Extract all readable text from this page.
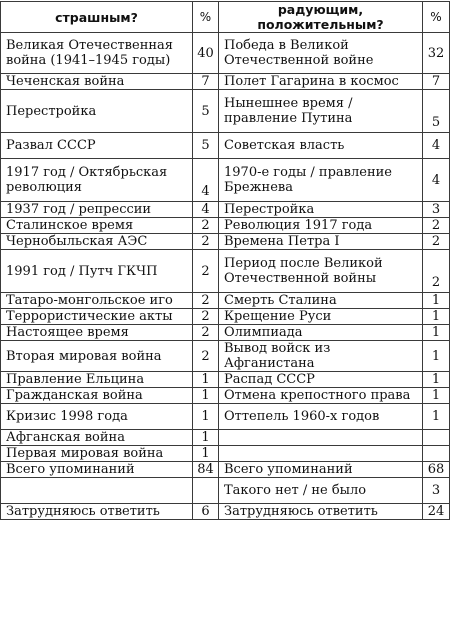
страшным?	%	радующим, положительным?	%
Великая Отечественная война (1941–1945 годы)	40	Победа в Великой Отечественной войне	32
Чеченская война	7	Полет Гагарина в космос	7
Перестройка	5	Нынешнее время / правление Путина	5
Развал СССР	5	Советская власть	4
1917 год / Октябрьская революция	4	1970-е годы / правление Брежнева	4
1937 год / репрессии	4	Перестройка	3
Сталинское время	2	Революция 1917 года	2
Чернобыльская АЭС	2	Времена Петра I	2
1991 год / Путч ГКЧП	2	Период после Великой Отечественной войны	2
Татаро-монгольское иго	2	Смерть Сталина	1
Террористические акты	2	Крещение Руси	1
Настоящее время	2	Олимпиада	1
Вторая мировая война	2	Вывод войск из Афганистана	1
Правление Ельцина	1	Распад СССР	1
Гражданская война	1	Отмена крепостного права	1
Кризис 1998 года	1	Оттепель 1960-х годов	1
Афганская война	1		
Первая мировая война	1		
Всего упоминаний	84	Всего упоминаний	68
		Такого нет / не было	3
Затрудняюсь ответить	6	Затрудняюсь ответить	24
